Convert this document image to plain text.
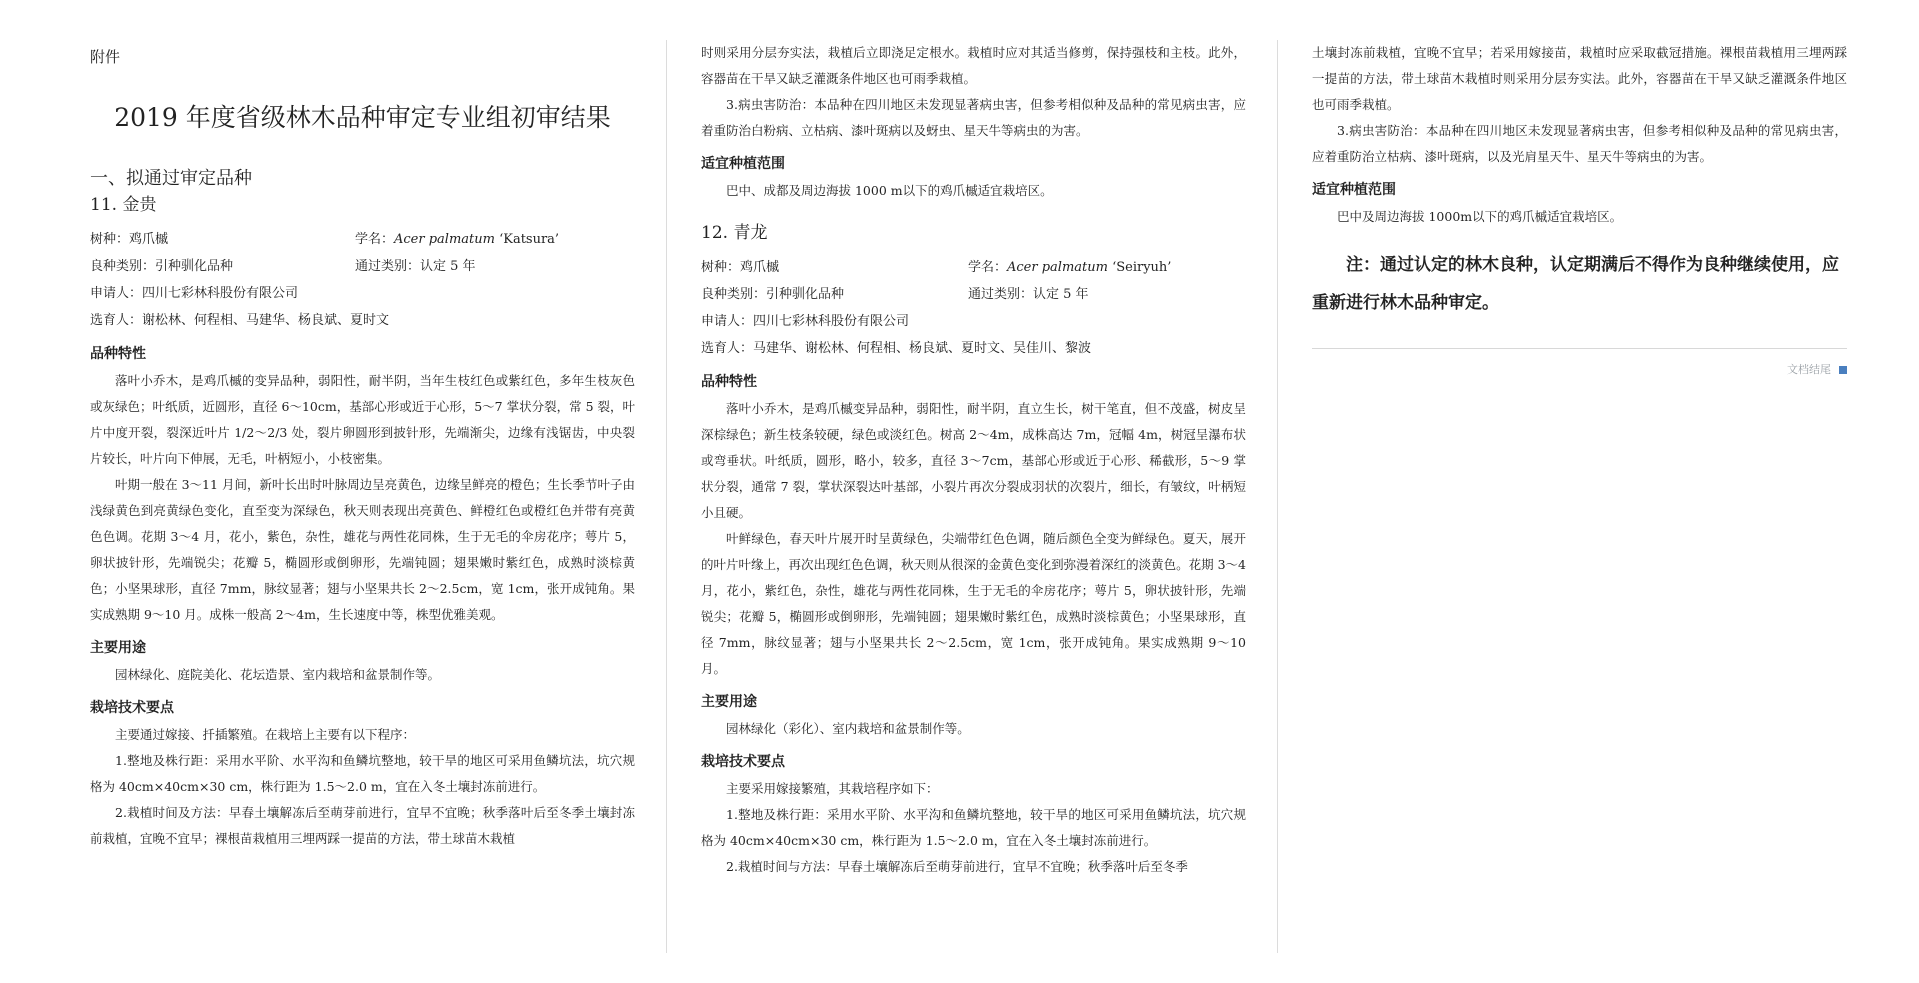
附件
2019 年度省级林木品种审定专业组初审结果
一、拟通过审定品种
11. 金贵
树种：鸡爪槭	学名：Acer palmatum ‘Katsura’
良种类别：引种驯化品种	通过类别：认定 5 年
申请人：四川七彩林科股份有限公司
选育人：谢松林、何程相、马建华、杨良斌、夏时文
品种特性

落叶小乔木，是鸡爪槭的变异品种，弱阳性，耐半阴，当年生枝红色或紫红色，多年生枝灰色或灰绿色；叶纸质，近圆形，直径 6～10cm，基部心形或近于心形，5～7 掌状分裂，常 5 裂，叶片中度开裂，裂深近叶片 1/2～2/3 处，裂片卵圆形到披针形，先端渐尖，边缘有浅锯齿，中央裂片较长，叶片向下伸展，无毛，叶柄短小，小枝密集。

叶期一般在 3～11 月间，新叶长出时叶脉周边呈亮黄色，边缘呈鲜亮的橙色；生长季节叶子由浅绿黄色到亮黄绿色变化，直至变为深绿色，秋天则表现出亮黄色、鲜橙红色或橙红色并带有亮黄色色调。花期 3～4 月，花小，紫色，杂性，雄花与两性花同株，生于无毛的伞房花序；萼片 5，卵状披针形，先端锐尖；花瓣 5，椭圆形或倒卵形，先端钝圆；翅果嫩时紫红色，成熟时淡棕黄色；小坚果球形，直径 7mm，脉纹显著；翅与小坚果共长 2～2.5cm，宽 1cm，张开成钝角。果实成熟期 9～10 月。成株一般高 2～4m，生长速度中等，株型优雅美观。

主要用途

园林绿化、庭院美化、花坛造景、室内栽培和盆景制作等。

栽培技术要点

主要通过嫁接、扦插繁殖。在栽培上主要有以下程序：

1.整地及株行距：采用水平阶、水平沟和鱼鳞坑整地，较干旱的地区可采用鱼鳞坑法，坑穴规格为 40cm×40cm×30 cm，株行距为 1.5～2.0 m，宜在入冬土壤封冻前进行。

2.栽植时间及方法：早春土壤解冻后至萌芽前进行，宜早不宜晚；秋季落叶后至冬季土壤封冻前栽植，宜晚不宜早；裸根苗栽植用三埋两踩一提苗的方法，带土球苗木栽植

时则采用分层夯实法，栽植后立即浇足定根水。栽植时应对其适当修剪，保持强枝和主枝。此外，容器苗在干旱又缺乏灌溉条件地区也可雨季栽植。

3.病虫害防治：本品种在四川地区未发现显著病虫害，但参考相似种及品种的常见病虫害，应着重防治白粉病、立枯病、漆叶斑病以及蚜虫、星天牛等病虫的为害。

适宜种植范围

巴中、成都及周边海拔 1000 m以下的鸡爪槭适宜栽培区。

12. 青龙
树种：鸡爪槭	学名：Acer palmatum ‘Seiryuh’
良种类别：引种驯化品种	通过类别：认定 5 年
申请人：四川七彩林科股份有限公司
选育人：马建华、谢松林、何程相、杨良斌、夏时文、吴佳川、黎波
品种特性

落叶小乔木，是鸡爪槭变异品种，弱阳性，耐半阴，直立生长，树干笔直，但不茂盛，树皮呈深棕绿色；新生枝条较硬，绿色或淡红色。树高 2～4m，成株高达 7m，冠幅 4m，树冠呈瀑布状或弯垂状。叶纸质，圆形，略小，较多，直径 3～7cm，基部心形或近于心形、稀截形，5～9 掌状分裂，通常 7 裂，掌状深裂达叶基部，小裂片再次分裂成羽状的次裂片，细长，有皱纹，叶柄短小且硬。

叶鲜绿色，春天叶片展开时呈黄绿色，尖端带红色色调，随后颜色全变为鲜绿色。夏天，展开的叶片叶缘上，再次出现红色色调，秋天则从很深的金黄色变化到弥漫着深红的淡黄色。花期 3～4 月，花小，紫红色，杂性，雄花与两性花同株，生于无毛的伞房花序；萼片 5，卵状披针形，先端锐尖；花瓣 5，椭圆形或倒卵形，先端钝圆；翅果嫩时紫红色，成熟时淡棕黄色；小坚果球形，直径 7mm，脉纹显著；翅与小坚果共长 2～2.5cm，宽 1cm，张开成钝角。果实成熟期 9～10 月。

主要用途

园林绿化（彩化）、室内栽培和盆景制作等。

栽培技术要点

主要采用嫁接繁殖，其栽培程序如下：

1.整地及株行距：采用水平阶、水平沟和鱼鳞坑整地，较干旱的地区可采用鱼鳞坑法，坑穴规格为 40cm×40cm×30 cm，株行距为 1.5～2.0 m，宜在入冬土壤封冻前进行。

2.栽植时间与方法：早春土壤解冻后至萌芽前进行，宜早不宜晚；秋季落叶后至冬季

土壤封冻前栽植，宜晚不宜早；若采用嫁接苗，栽植时应采取截冠措施。裸根苗栽植用三埋两踩一提苗的方法，带土球苗木栽植时则采用分层夯实法。此外，容器苗在干旱又缺乏灌溉条件地区也可雨季栽植。

3.病虫害防治：本品种在四川地区未发现显著病虫害，但参考相似种及品种的常见病虫害，应着重防治立枯病、漆叶斑病，以及光肩星天牛、星天牛等病虫的为害。

适宜种植范围

巴中及周边海拔 1000m以下的鸡爪槭适宜栽培区。

注：通过认定的林木良种，认定期满后不得作为良种继续使用，应重新进行林木品种审定。
文档结尾
